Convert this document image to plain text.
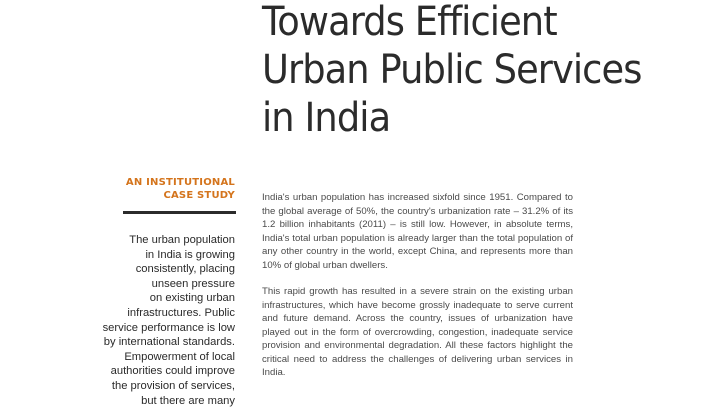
Towards Efficient
Urban Public Services
in India
AN INSTITUTIONAL
CASE STUDY
The urban population
in India is growing
consistently, placing
unseen pressure
on existing urban
infrastructures. Public
service performance is low
by international standards.
Empowerment of local
authorities could improve
the provision of services,
but there are many

India's urban population has increased sixfold since 1951. Compared to the global average of 50%, the country's urbanization rate – 31.2% of its 1.2 billion inhabitants (2011) – is still low. However, in absolute terms, India's total urban population is already larger than the total population of any other country in the world, except China, and represents more than 10% of global urban dwellers.

This rapid growth has resulted in a severe strain on the existing urban infrastructures, which have become grossly inadequate to serve current and future demand. Across the country, issues of urbanization have played out in the form of overcrowding, congestion, inadequate service provision and environmental degradation. All these factors highlight the critical need to address the challenges of delivering urban services in India.
